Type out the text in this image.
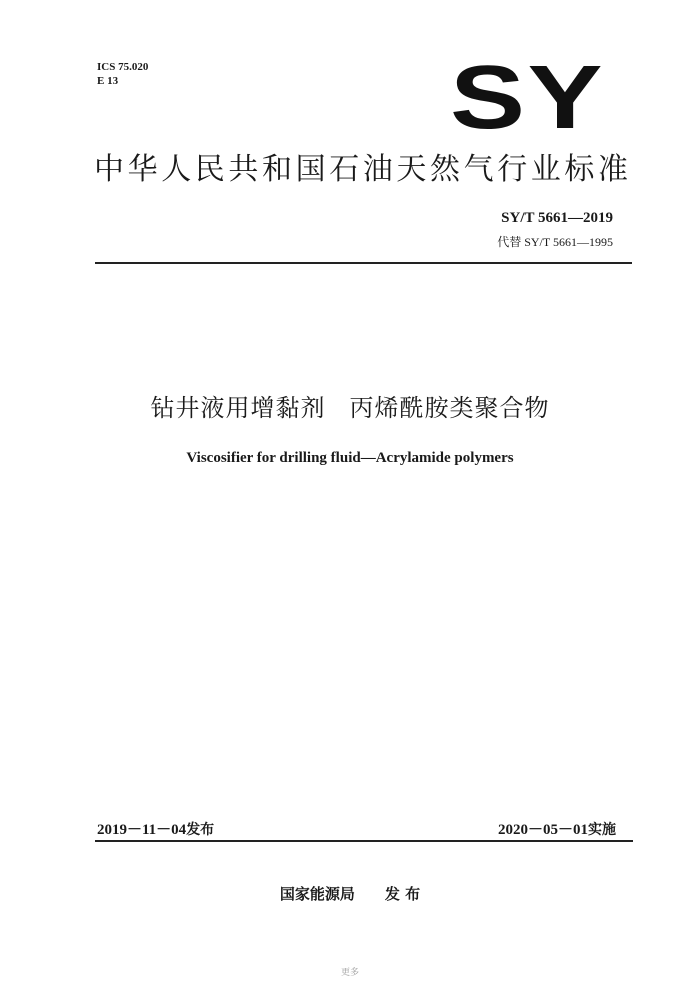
ICS 75.020
E 13	SY
中华人民共和国石油天然气行业标准
SY/T 5661—2019
代替 SY/T 5661—1995
钻井液用增黏剂 丙烯酰胺类聚合物
Viscosifier for drilling fluid—Acrylamide polymers
2019－11－04发布	2020－05－01实施
国家能源局 发 布
更多
